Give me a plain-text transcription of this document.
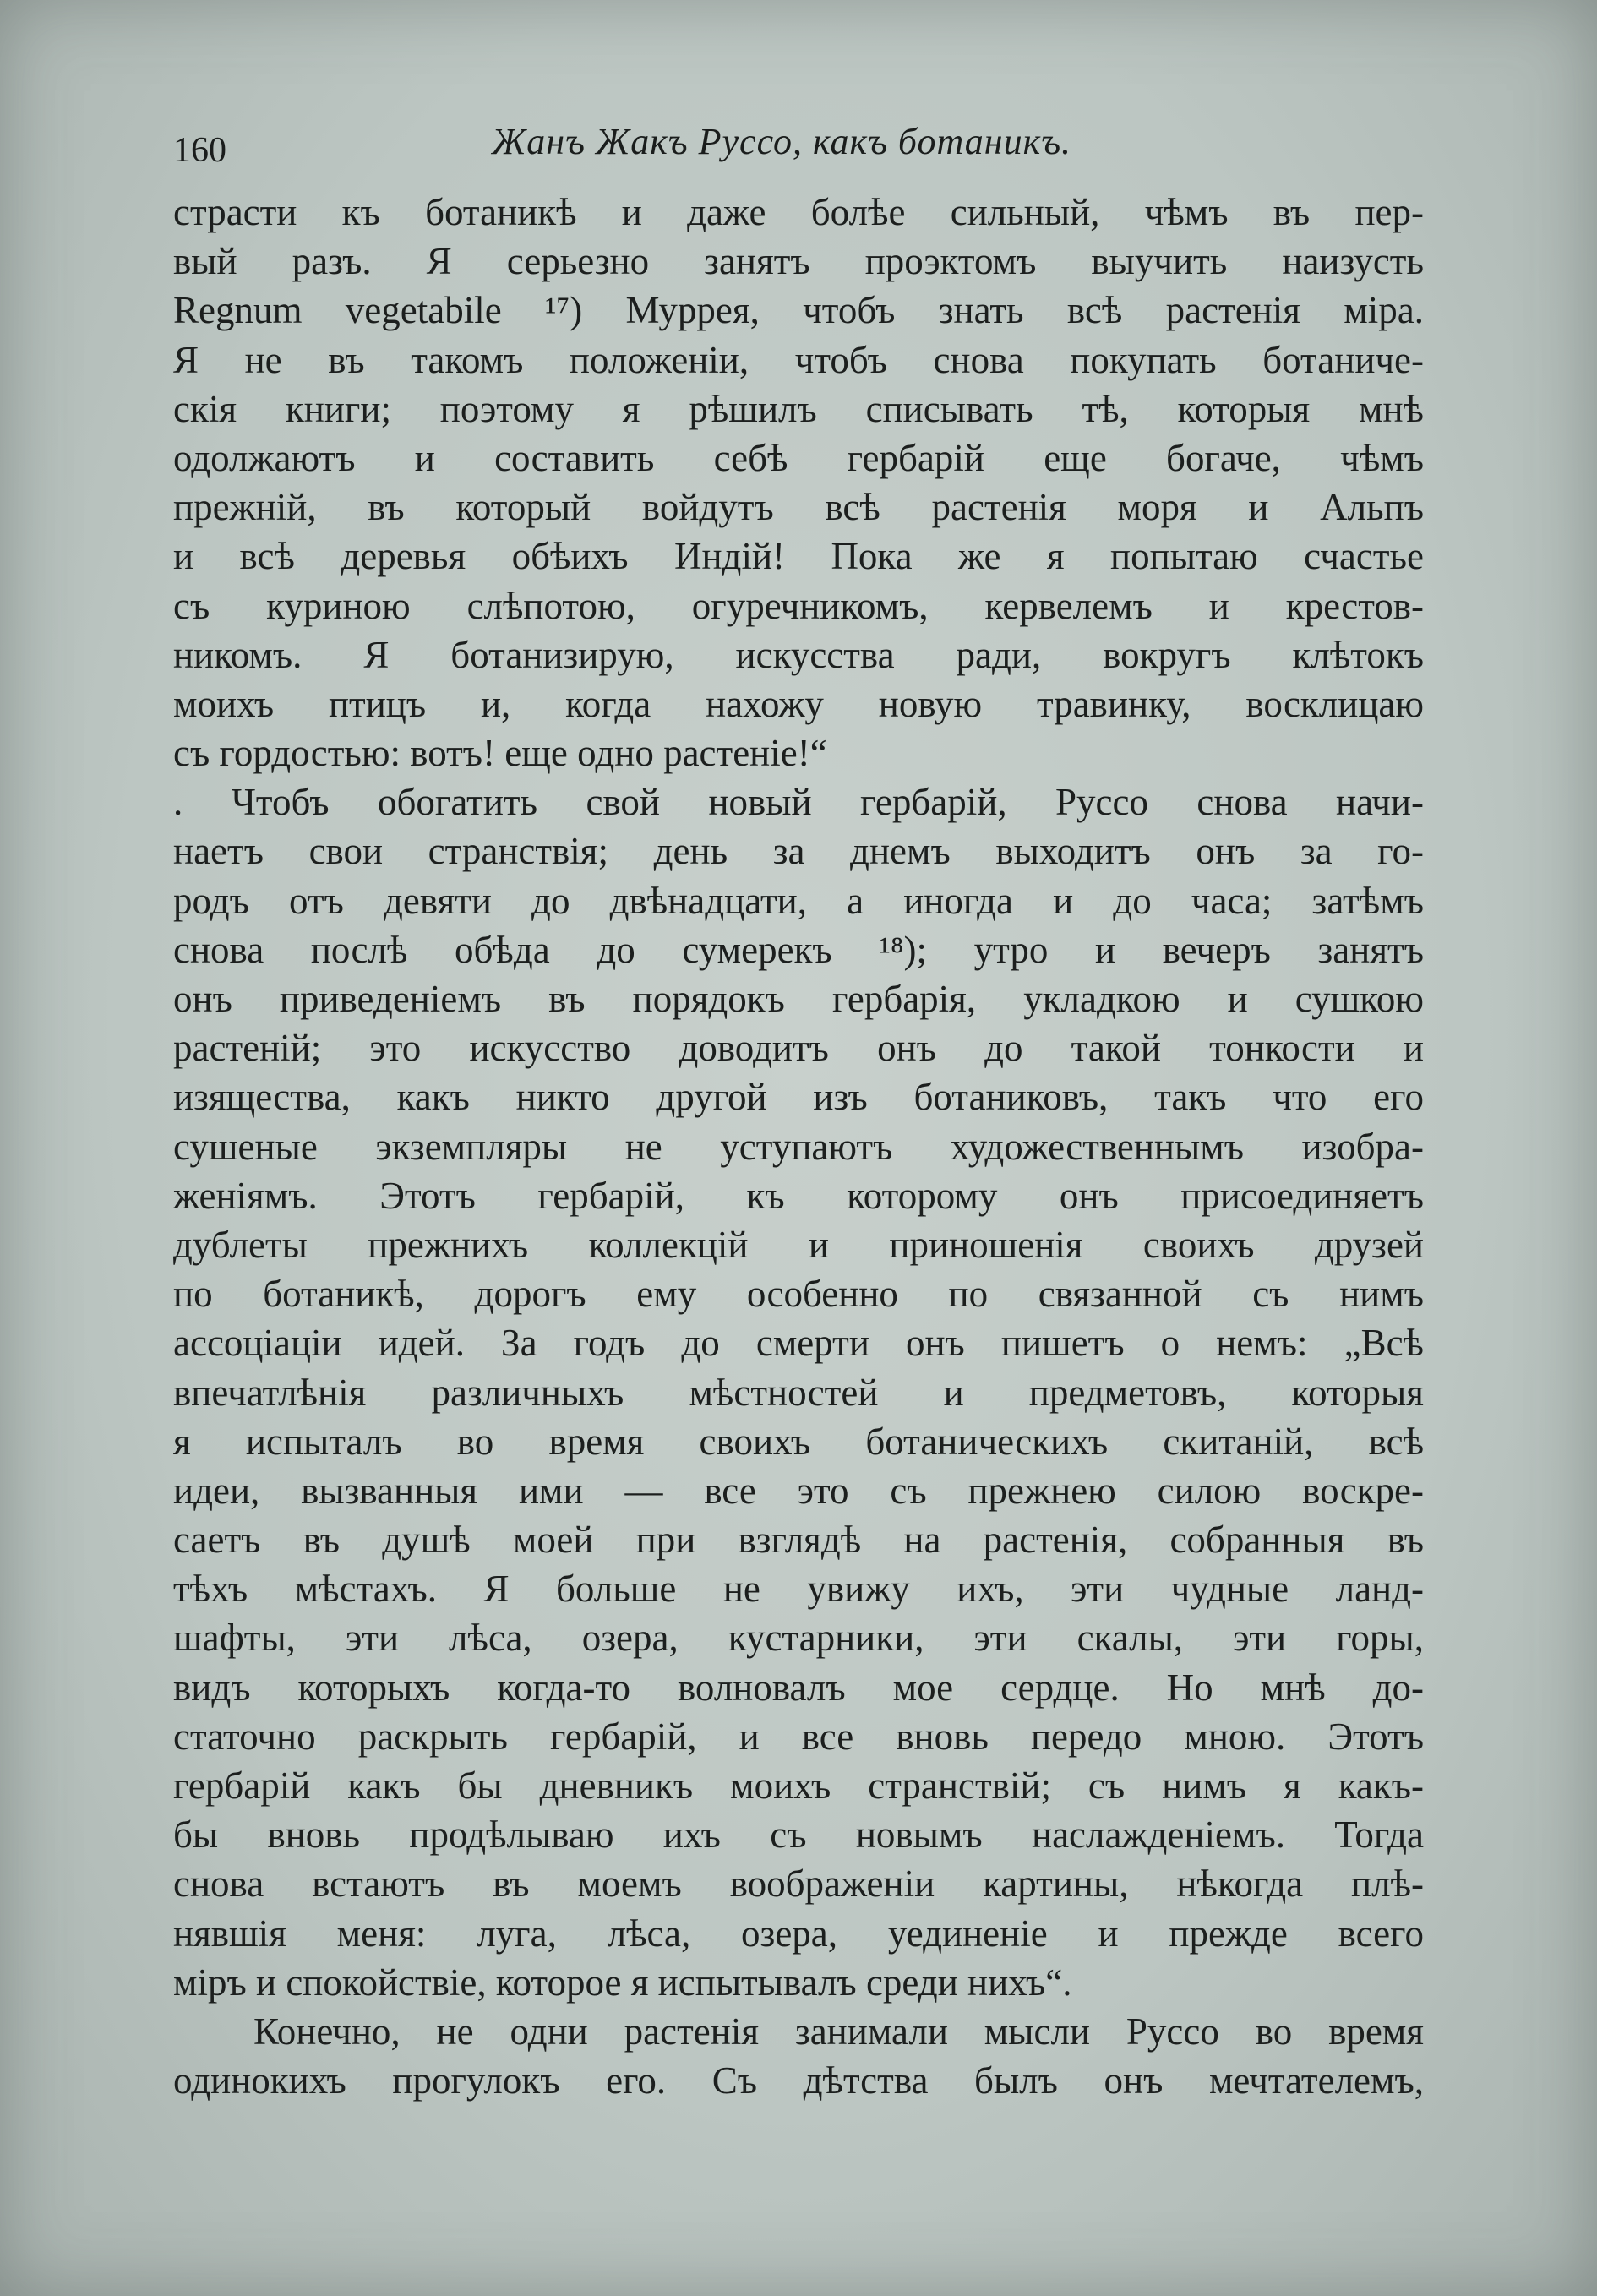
160	Жанъ Жакъ Руссо, какъ ботаникъ.
страсти къ ботаникѣ и даже болѣе сильный, чѣмъ въ пер-
вый разъ. Я серьезно занятъ проэктомъ выучить наизусть
Regnum vegetabile ¹⁷) Муррея, чтобъ знать всѣ растенія міра.
Я не въ такомъ положеніи, чтобъ снова покупать ботаниче-
скія книги; поэтому я рѣшилъ списывать тѣ, которыя мнѣ
одолжаютъ и составить себѣ гербарій еще богаче, чѣмъ
прежній, въ который войдутъ всѣ растенія моря и Альпъ
и всѣ деревья обѣихъ Индій! Пока же я попытаю счастье
съ куриною слѣпотою, огуречникомъ, кервелемъ и крестов-
никомъ. Я ботанизирую, искусства ради, вокругъ клѣтокъ
моихъ птицъ и, когда нахожу новую травинку, восклицаю
съ гордостью: вотъ! еще одно растеніе!“
. Чтобъ обогатить свой новый гербарій, Руссо снова начи-
наетъ свои странствія; день за днемъ выходитъ онъ за го-
родъ отъ девяти до двѣнадцати, а иногда и до часа; затѣмъ
снова послѣ обѣда до сумерекъ ¹⁸); утро и вечеръ занятъ
онъ приведеніемъ въ порядокъ гербарія, укладкою и сушкою
растеній; это искусство доводитъ онъ до такой тонкости и
изящества, какъ никто другой изъ ботаниковъ, такъ что его
сушеные экземпляры не уступаютъ художественнымъ изобра-
женіямъ. Этотъ гербарій, къ которому онъ присоединяетъ
дублеты прежнихъ коллекцій и приношенія своихъ друзей
по ботаникѣ, дорогъ ему особенно по связанной съ нимъ
ассоціаціи идей. За годъ до смерти онъ пишетъ о немъ: „Всѣ
впечатлѣнія различныхъ мѣстностей и предметовъ, которыя
я испыталъ во время своихъ ботаническихъ скитаній, всѣ
идеи, вызванныя ими — все это съ прежнею силою воскре-
саетъ въ душѣ моей при взглядѣ на растенія, собранныя въ
тѣхъ мѣстахъ. Я больше не увижу ихъ, эти чудные ланд-
шафты, эти лѣса, озера, кустарники, эти скалы, эти горы,
видъ которыхъ когда-то волновалъ мое сердце. Но мнѣ до-
статочно раскрыть гербарій, и все вновь передо мною. Этотъ
гербарій какъ бы дневникъ моихъ странствій; съ нимъ я какъ-
бы вновь продѣлываю ихъ съ новымъ наслажденіемъ. Тогда
снова встаютъ въ моемъ воображеніи картины, нѣкогда плѣ-
нявшія меня: луга, лѣса, озера, уединеніе и прежде всего
міръ и спокойствіе, которое я испытывалъ среди нихъ“.
Конечно, не одни растенія занимали мысли Руссо во время
одинокихъ прогулокъ его. Съ дѣтства былъ онъ мечтателемъ,
